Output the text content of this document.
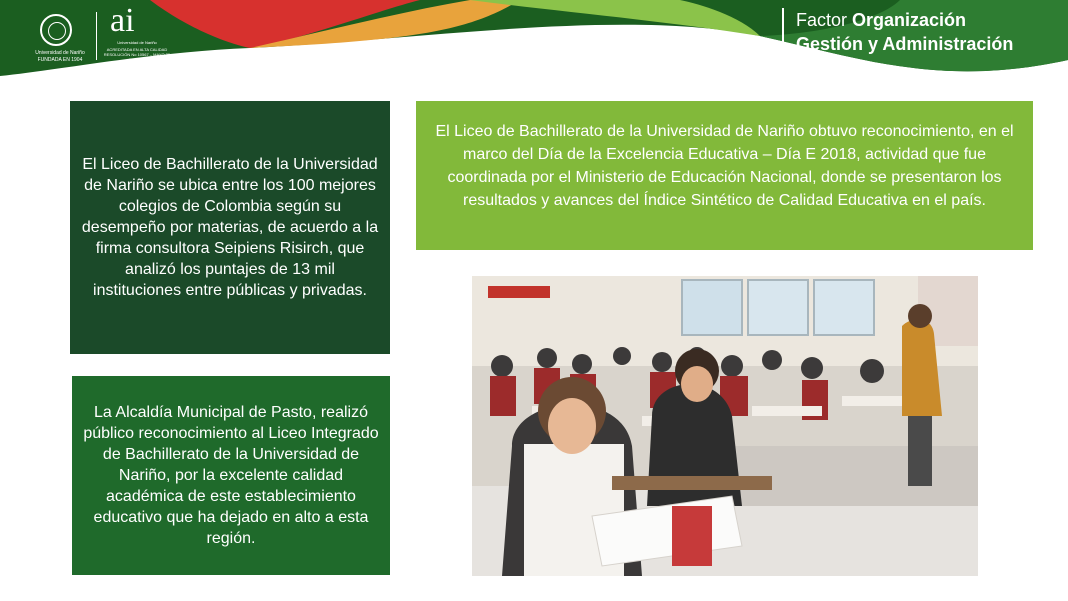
Universidad de Nariño
FUNDADA EN 1904
ai
Universidad de Nariño
ACREDITADA EN ALTA CALIDAD RESOLUCIÓN No 10567 – MAYO 25 DE 2017
Factor Organización
Gestión y Administración
El Liceo de Bachillerato de la Universidad de Nariño se ubica entre los 100 mejores colegios de Colombia según su desempeño por materias, de acuerdo a la firma consultora Seipiens Risirch, que analizó los puntajes de 13 mil instituciones entre públicas y privadas.
El Liceo de Bachillerato de la Universidad de Nariño obtuvo reconocimiento, en el marco del Día de la Excelencia Educativa – Día E 2018, actividad que fue coordinada por el Ministerio de Educación Nacional, donde se presentaron los resultados y avances del Índice Sintético de Calidad Educativa en el país.
La Alcaldía Municipal de Pasto, realizó público reconocimiento al Liceo Integrado de Bachillerato de la Universidad de Nariño, por la excelente calidad académica de este establecimiento educativo que ha dejado en alto a esta región.
